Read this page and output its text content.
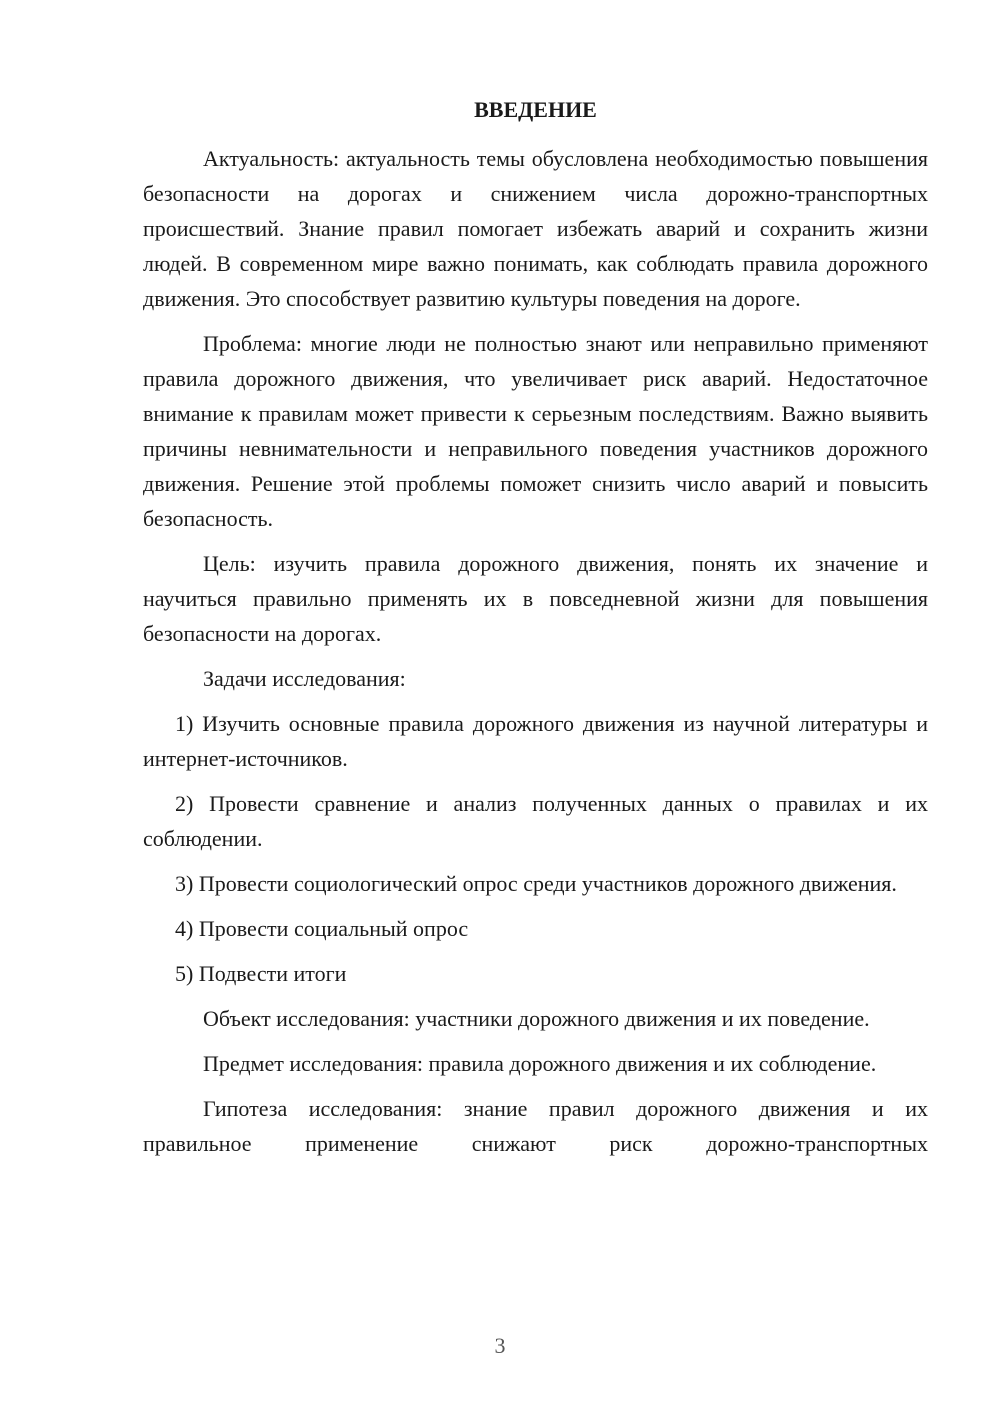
ВВЕДЕНИЕ

Актуальность: актуальность темы обусловлена необходимостью повышения безопасности на дорогах и снижением числа дорожно-транспортных происшествий. Знание правил помогает избежать аварий и сохранить жизни людей. В современном мире важно понимать, как соблюдать правила дорожного движения. Это способствует развитию культуры поведения на дороге.

Проблема: многие люди не полностью знают или неправильно применяют правила дорожного движения, что увеличивает риск аварий. Недостаточное внимание к правилам может привести к серьезным последствиям. Важно выявить причины невнимательности и неправильного поведения участников дорожного движения. Решение этой проблемы поможет снизить число аварий и повысить безопасность.

Цель: изучить правила дорожного движения, понять их значение и научиться правильно применять их в повседневной жизни для повышения безопасности на дорогах.

Задачи исследования:

1) Изучить основные правила дорожного движения из научной литературы и интернет-источников.

2) Провести сравнение и анализ полученных данных о правилах и их соблюдении.

3) Провести социологический опрос среди участников дорожного движения.

4) Провести социальный опрос

5) Подвести итоги

Объект исследования: участники дорожного движения и их поведение.

Предмет исследования: правила дорожного движения и их соблюдение.

Гипотеза исследования: знание правил дорожного движения и их правильное применение снижают риск дорожно-транспортных

3
